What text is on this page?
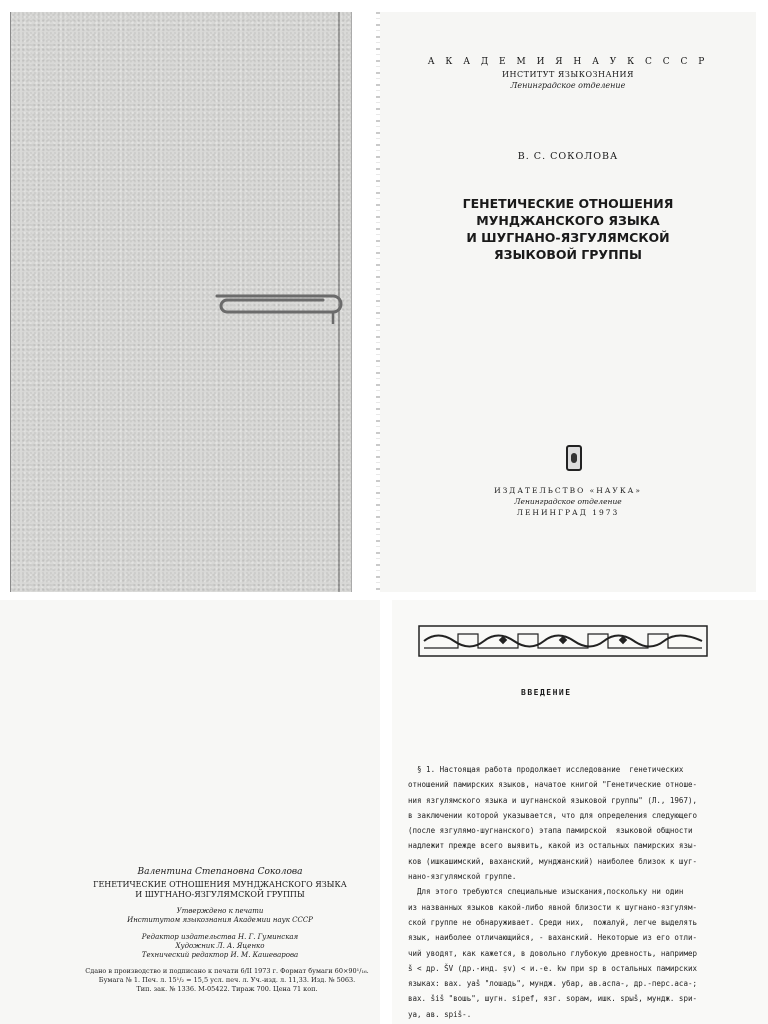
А К А Д Е М И Я Н А У К С С С Р
ИНСТИТУТ ЯЗЫКОЗНАНИЯ
Ленинградское отделение
В. С. СОКОЛОВА
ГЕНЕТИЧЕСКИЕ ОТНОШЕНИЯ
МУНДЖАНСКОГО ЯЗЫКА
И ШУГНАНО-ЯЗГУЛЯМСКОЙ
ЯЗЫКОВОЙ ГРУППЫ
ИЗДАТЕЛЬСТВО «НАУКА»
Ленинградское отделение
ЛЕНИНГРАД 1973
Валентина Степановна Соколова
ГЕНЕТИЧЕСКИЕ ОТНОШЕНИЯ МУНДЖАНСКОГО ЯЗЫКА
И ШУГНАНО-ЯЗГУЛЯМСКОЙ ГРУППЫ
Утверждено к печати
Институтом языкознания Академии наук СССР
Редактор издательства Н. Г. Гуминская
Художник Л. А. Яценко
Технический редактор И. М. Кашеварова
Сдано в производство и подписано к печати 6/II 1973 г. Формат бумаги 60×90¹/₁₆.
Бумага № 1. Печ. л. 15¹/₂ = 15,5 усл. печ. л. Уч.-изд. л. 11,33. Изд. № 5063.
Тип. зак. № 1336. М-05422. Тираж 700. Цена 71 коп.
ВВЕДЕНИЕ

§ 1. Настоящая работа продолжает исследование  генетических

отношений памирских языков, начатое книгой "Генетические отноше-

ния язгулямского языка и шугнанской языковой группы" (Л., 1967),

в заключении которой указывается, что для определения следующего

(после язгулямо-шугнанского) этапа памирской  языковой общности

надлежит прежде всего выявить, какой из остальных памирских язы-

ков (ишкашимский, ваханский, мунджанский) наиболее близок к шуг-

нано-язгулямской группе.

Для этого требуются специальные изыскания,поскольку ни один

из названных языков какой-либо явной близости к шугнано-язгулям-

ской группе не обнаруживает. Среди них,  пожалуй, легче выделять

язык, наиболее отличающийся, - ваханский. Некоторые из его отли-

чий уводят, как кажется, в довольно глубокую древность, например

š < др. ŠV (др.-инд. ṣv) < и.-е. kw при sp в остальных памирских

языках: вах. yaš "лошадь", мундж. yбар, ав.аспа-, др.-перс.аса-;

вах. šiš "вошь", шугн. sipef, язг. sорам, ишк. spыš, мундж. spи-

уа, ав. spiš-.
